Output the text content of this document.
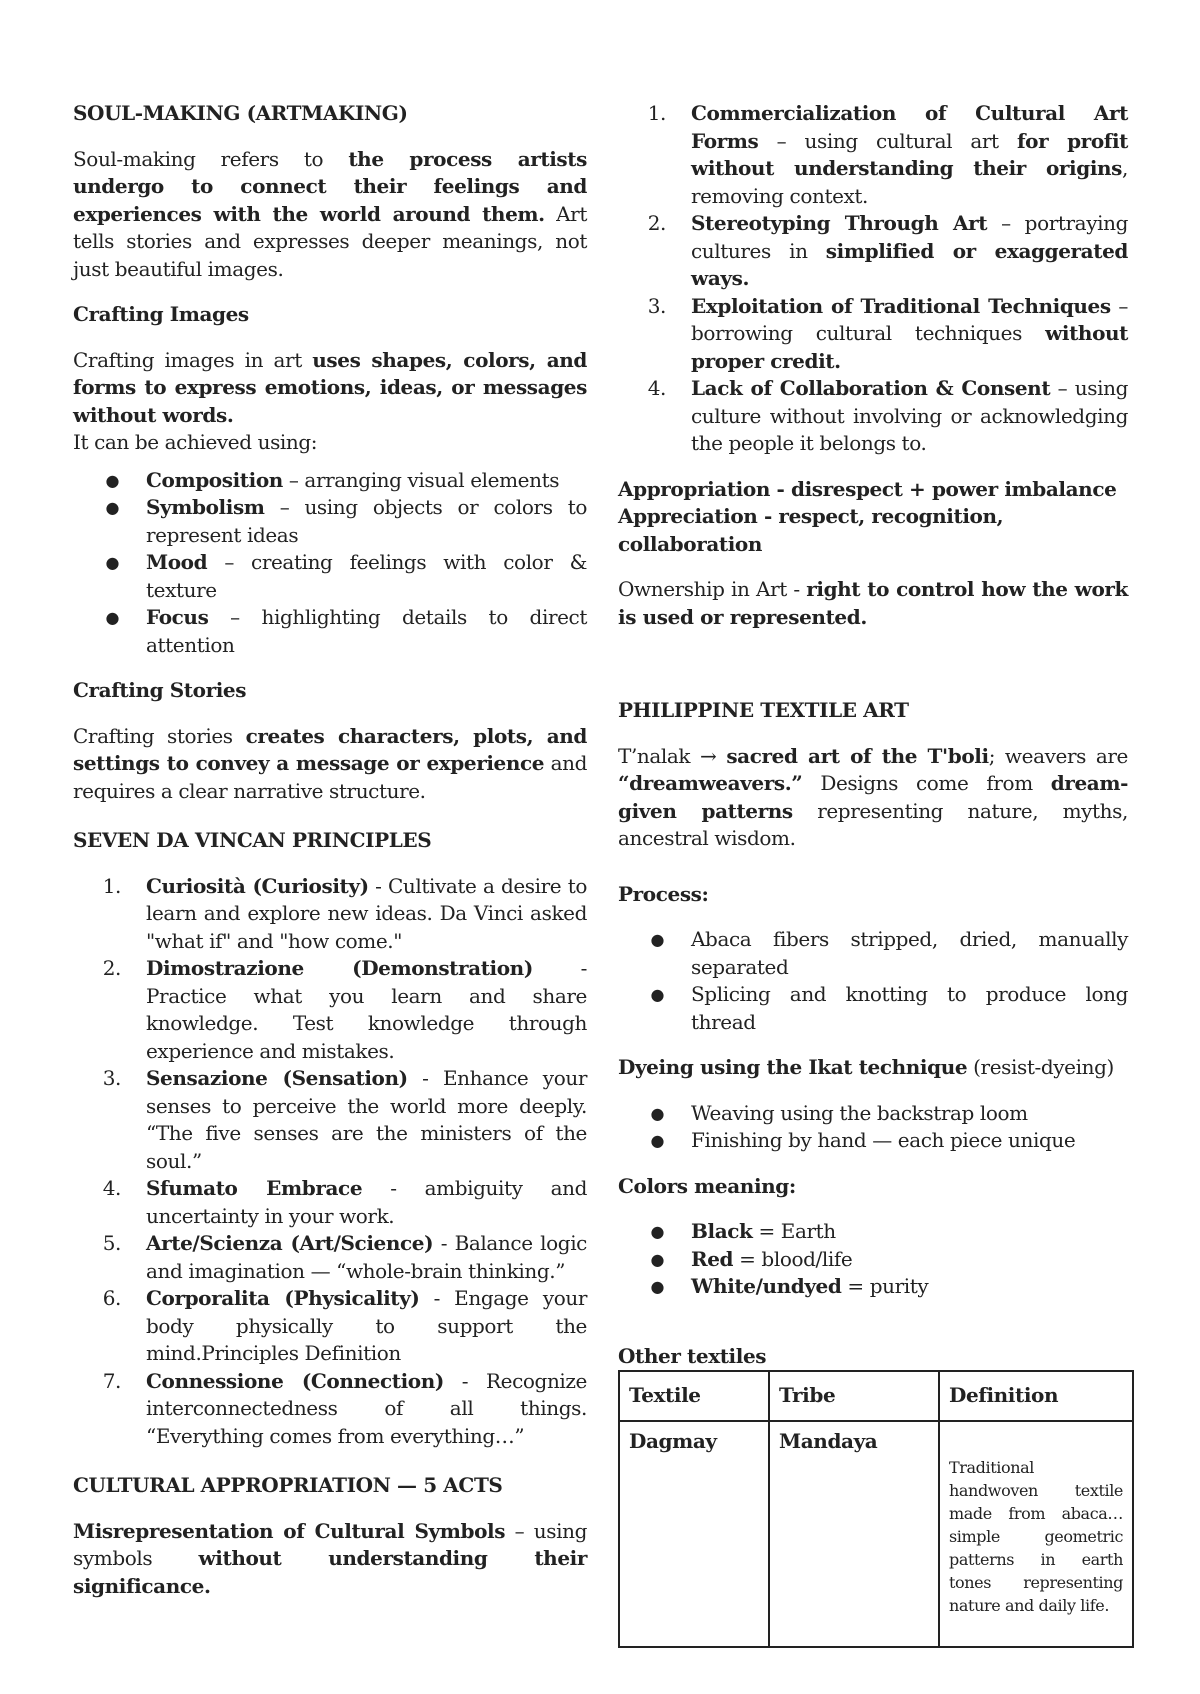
SOUL-MAKING (ARTMAKING)

Soul-making refers to the process artists undergo to connect their feelings and experiences with the world around them. Art tells stories and expresses deeper meanings, not just beautiful images.

Crafting Images

Crafting images in art uses shapes, colors, and forms to express emotions, ideas, or messages without words.

It can be achieved using:

● Composition – arranging visual elements
● Symbolism – using objects or colors to represent ideas
● Mood – creating feelings with color & texture
● Focus – highlighting details to direct attention
Crafting Stories

Crafting stories creates characters, plots, and settings to convey a message or experience and requires a clear narrative structure.

SEVEN DA VINCAN PRINCIPLES
1. Curiosità (Curiosity) - Cultivate a desire to learn and explore new ideas. Da Vinci asked "what if" and "how come."
2. Dimostrazione (Demonstration) - Practice what you learn and share knowledge. Test knowledge through experience and mistakes.
3. Sensazione (Sensation) - Enhance your senses to perceive the world more deeply. “The five senses are the ministers of the soul.”
4. Sfumato Embrace - ambiguity and uncertainty in your work.
5. Arte/Scienza (Art/Science) - Balance logic and imagination — “whole-brain thinking.”
6. Corporalita (Physicality) - Engage your body physically to support the mind.Principles Definition
7. Connessione (Connection) - Recognize interconnectedness of all things. “Everything comes from everything…”
CULTURAL APPROPRIATION — 5 ACTS

Misrepresentation of Cultural Symbols – using symbols without understanding their significance.

1. Commercialization of Cultural Art Forms – using cultural art for profit without understanding their origins, removing context.
2. Stereotyping Through Art – portraying cultures in simplified or exaggerated ways.
3. Exploitation of Traditional Techniques – borrowing cultural techniques without proper credit.
4. Lack of Collaboration & Consent – using culture without involving or acknowledging the people it belongs to.

Appropriation - disrespect + power imbalance

Appreciation - respect, recognition, collaboration

Ownership in Art - right to control how the work is used or represented.

PHILIPPINE TEXTILE ART

T’nalak → sacred art of the T'boli; weavers are “dreamweavers.” Designs come from dream-given patterns representing nature, myths, ancestral wisdom.

Process:
● Abaca fibers stripped, dried, manually separated
● Splicing and knotting to produce long thread

Dyeing using the Ikat technique (resist-dyeing)

● Weaving using the backstrap loom
● Finishing by hand — each piece unique
Colors meaning:
● Black = Earth
● Red = blood/life
● White/undyed = purity
Other textiles
Textile	Tribe	Definition
Dagmay	Mandaya	Traditional handwoven textile made from abaca… simple geometric patterns in earth tones representing nature and daily life.
